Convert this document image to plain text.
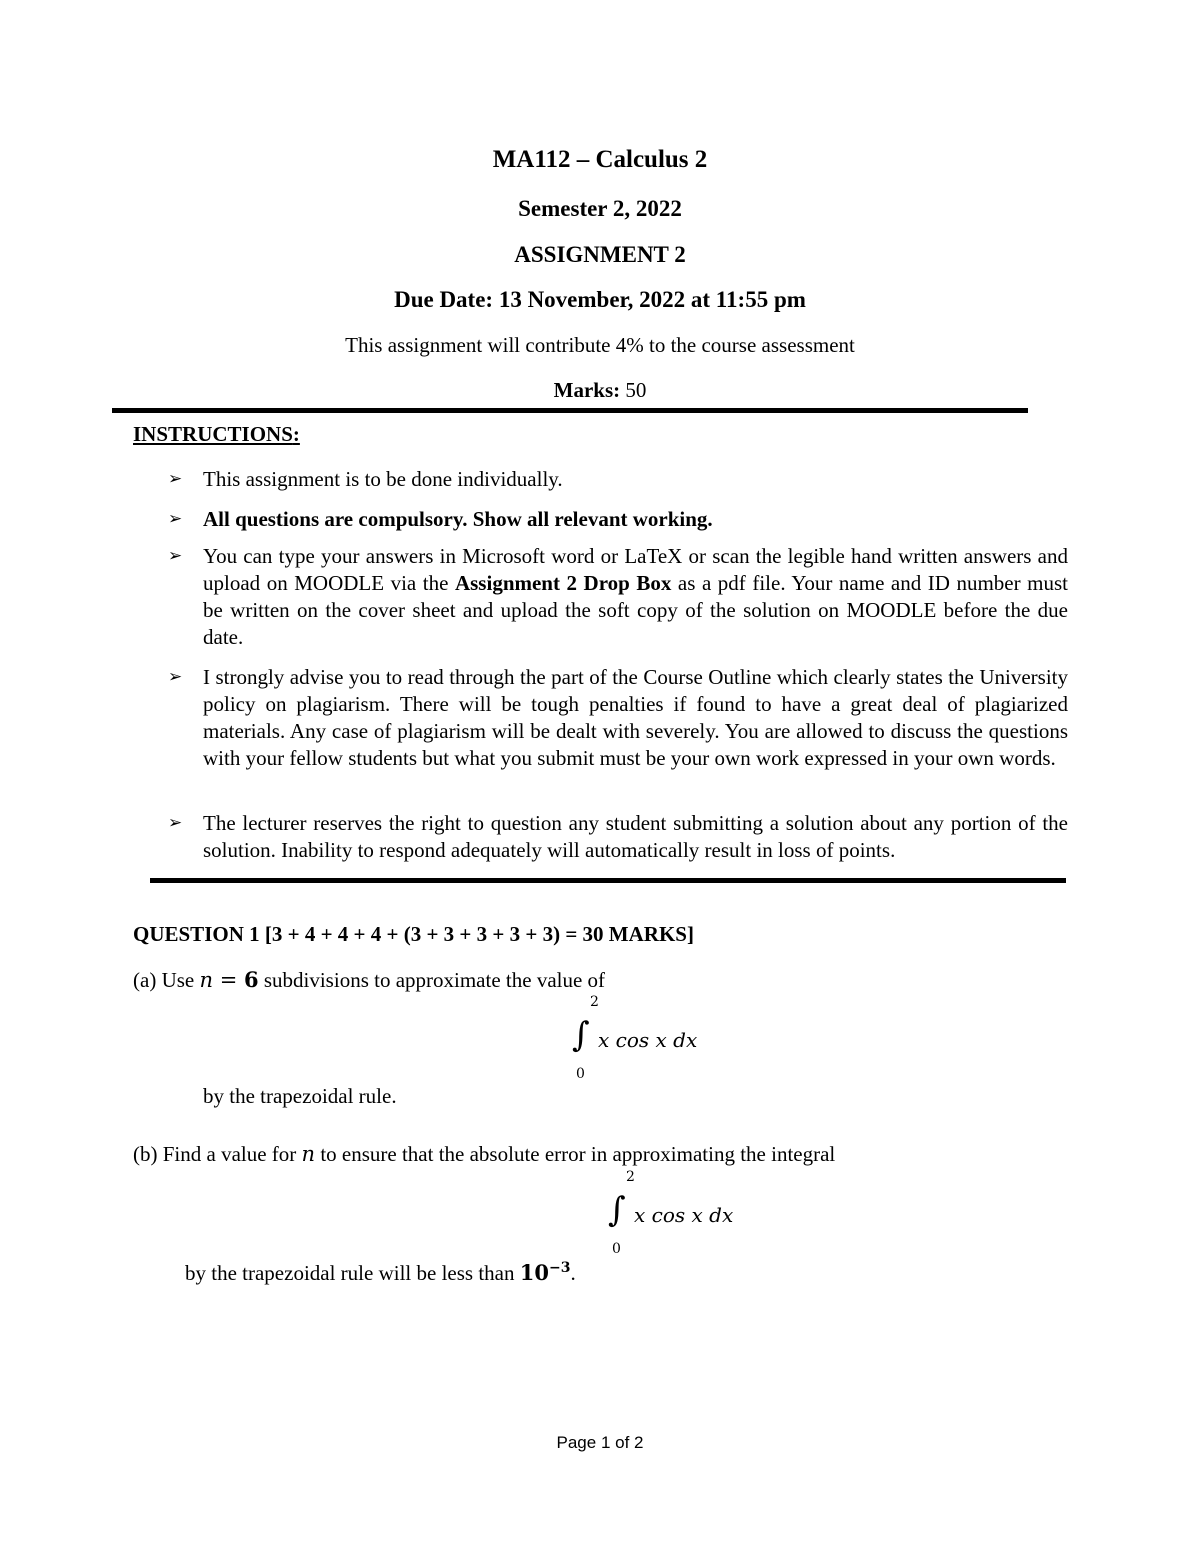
MA112 – Calculus 2
Semester 2, 2022
ASSIGNMENT 2
Due Date: 13 November, 2022 at 11:55 pm
This assignment will contribute 4% to the course assessment
Marks: 50
INSTRUCTIONS:
➢ This assignment is to be done individually.
➢ All questions are compulsory. Show all relevant working.
➢ You can type your answers in Microsoft word or LaTeX or scan the legible hand written answers and upload on MOODLE via the Assignment 2 Drop Box as a pdf file. Your name and ID number must be written on the cover sheet and upload the soft copy of the solution on MOODLE before the due date.
➢ I strongly advise you to read through the part of the Course Outline which clearly states the University policy on plagiarism. There will be tough penalties if found to have a great deal of plagiarized materials. Any case of plagiarism will be dealt with severely. You are allowed to discuss the questions with your fellow students but what you submit must be your own work expressed in your own words.
➢ The lecturer reserves the right to question any student submitting a solution about any portion of the solution. Inability to respond adequately will automatically result in loss of points.
QUESTION 1 [3 + 4 + 4 + 4 + (3 + 3 + 3 + 3 + 3) = 30 MARKS]
(a) Use n = 6 subdivisions to approximate the value of
2
∫
0
x cos x dx
by the trapezoidal rule.
(b) Find a value for n to ensure that the absolute error in approximating the integral
2
∫
0
x cos x dx
by the trapezoidal rule will be less than $10^{-3}$.
Page 1 of 2
